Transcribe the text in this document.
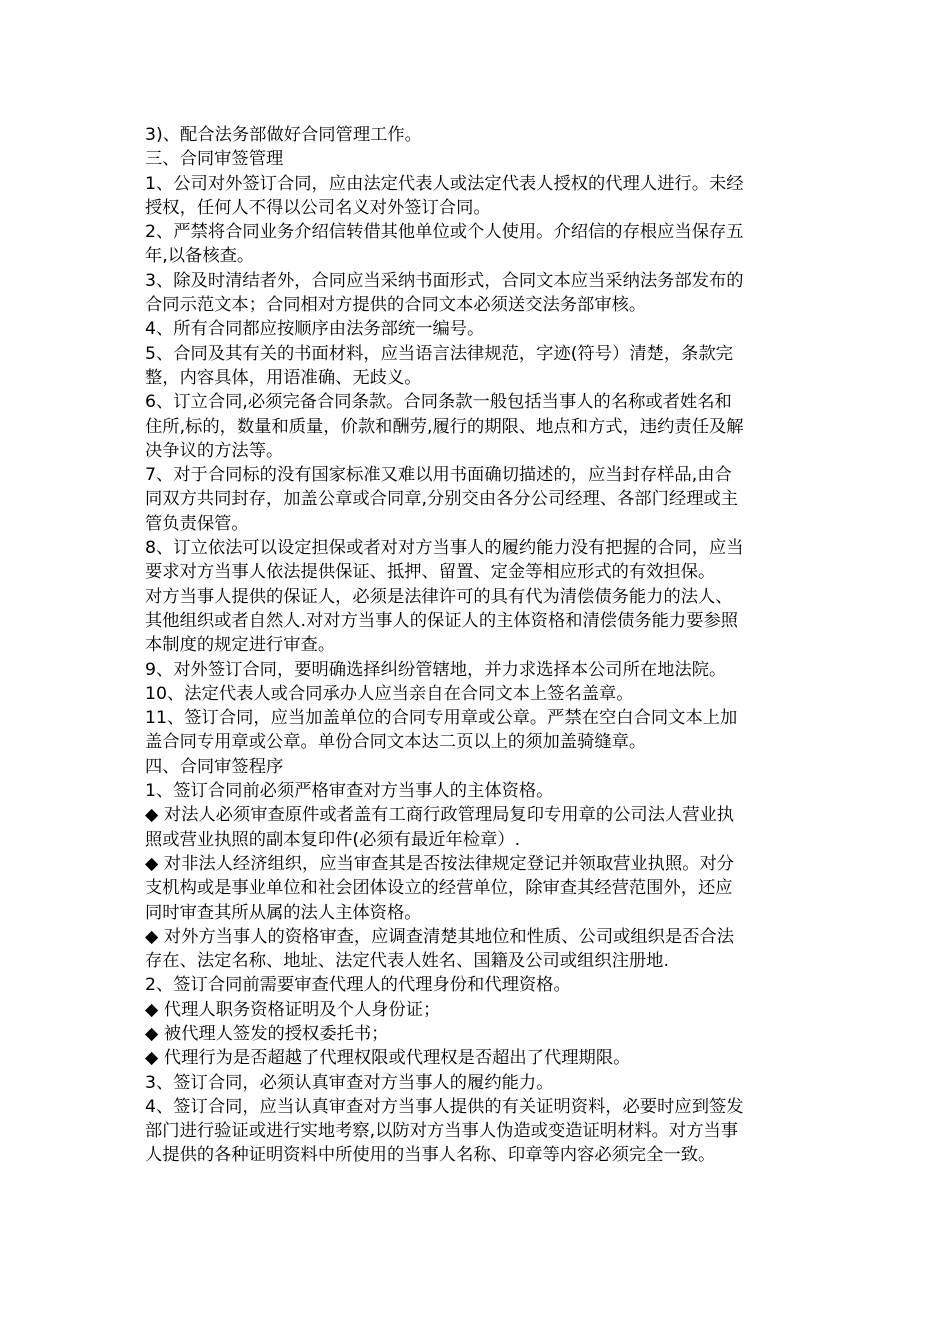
3)、配合法务部做好合同管理工作。
三、合同审签管理
1、公司对外签订合同，应由法定代表人或法定代表人授权的代理人进行。未经
授权，任何人不得以公司名义对外签订合同。
2、严禁将合同业务介绍信转借其他单位或个人使用。介绍信的存根应当保存五
年,以备核查。
3、除及时清结者外，合同应当采纳书面形式，合同文本应当采纳法务部发布的
合同示范文本；合同相对方提供的合同文本必须送交法务部审核。
4、所有合同都应按顺序由法务部统一编号。
5、合同及其有关的书面材料，应当语言法律规范，字迹(符号）清楚，条款完
整，内容具体，用语准确、无歧义。
6、订立合同,必须完备合同条款。合同条款一般包括当事人的名称或者姓名和
住所,标的，数量和质量，价款和酬劳,履行的期限、地点和方式，违约责任及解
决争议的方法等。
7、对于合同标的没有国家标准又难以用书面确切描述的，应当封存样品,由合
同双方共同封存，加盖公章或合同章,分别交由各分公司经理、各部门经理或主
管负责保管。
8、订立依法可以设定担保或者对对方当事人的履约能力没有把握的合同，应当
要求对方当事人依法提供保证、抵押、留置、定金等相应形式的有效担保。
对方当事人提供的保证人，必须是法律许可的具有代为清偿债务能力的法人、
其他组织或者自然人.对对方当事人的保证人的主体资格和清偿债务能力要参照
本制度的规定进行审查。
9、对外签订合同，要明确选择纠纷管辖地，并力求选择本公司所在地法院。
10、法定代表人或合同承办人应当亲自在合同文本上签名盖章。
11、签订合同，应当加盖单位的合同专用章或公章。严禁在空白合同文本上加
盖合同专用章或公章。单份合同文本达二页以上的须加盖骑缝章。
四、合同审签程序
1、签订合同前必须严格审查对方当事人的主体资格。
◆ 对法人必须审查原件或者盖有工商行政管理局复印专用章的公司法人营业执
照或营业执照的副本复印件(必须有最近年检章）.
◆ 对非法人经济组织，应当审查其是否按法律规定登记并领取营业执照。对分
支机构或是事业单位和社会团体设立的经营单位，除审查其经营范围外，还应
同时审查其所从属的法人主体资格。
◆ 对外方当事人的资格审查，应调查清楚其地位和性质、公司或组织是否合法
存在、法定名称、地址、法定代表人姓名、国籍及公司或组织注册地.
2、签订合同前需要审查代理人的代理身份和代理资格。
◆ 代理人职务资格证明及个人身份证；
◆ 被代理人签发的授权委托书；
◆ 代理行为是否超越了代理权限或代理权是否超出了代理期限。
3、签订合同，必须认真审查对方当事人的履约能力。
4、签订合同，应当认真审查对方当事人提供的有关证明资料，必要时应到签发
部门进行验证或进行实地考察,以防对方当事人伪造或变造证明材料。对方当事
人提供的各种证明资料中所使用的当事人名称、印章等内容必须完全一致。
